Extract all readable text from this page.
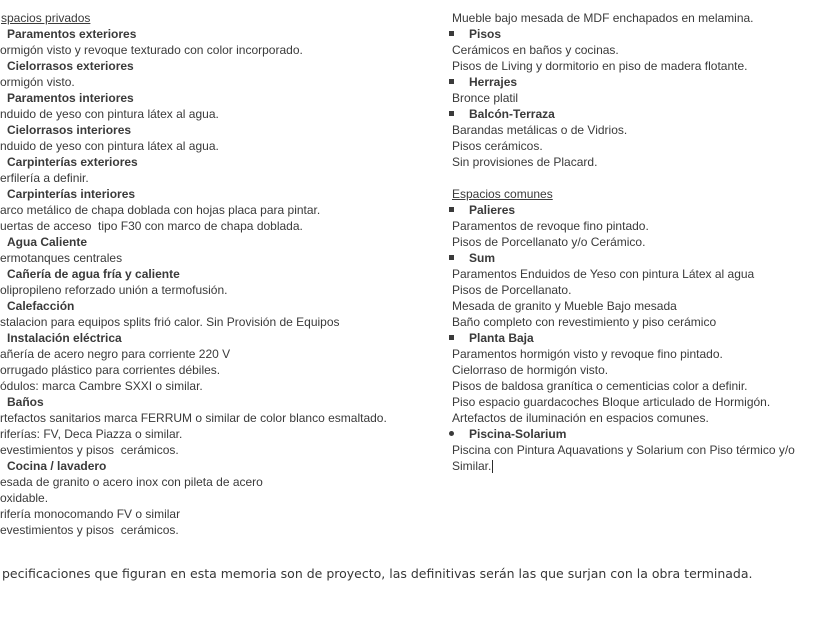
spacios privados
Paramentos exteriores
ormigón visto y revoque texturado con color incorporado.
Cielorrasos exteriores
ormigón visto.
Paramentos interiores
nduido de yeso con pintura látex al agua.
Cielorrasos interiores
nduido de yeso con pintura látex al agua.
Carpinterías exteriores
erfilería a definir.
Carpinterías interiores
arco metálico de chapa doblada con hojas placa para pintar.
uertas de acceso  tipo F30 con marco de chapa doblada.
Agua Caliente
ermotanques centrales
Cañería de agua fría y caliente
olipropileno reforzado unión a termofusión.
Calefacción
stalacion para equipos splits frió calor. Sin Provisión de Equipos
Instalación eléctrica
añería de acero negro para corriente 220 V
orrugado plástico para corrientes débiles.
ódulos: marca Cambre SXXI o similar.
Baños
rtefactos sanitarios marca FERRUM o similar de color blanco esmaltado.
riferías: FV, Deca Piazza o similar.
evestimientos y pisos  cerámicos.
Cocina / lavadero
esada de granito o acero inox con pileta de acero
oxidable.
rifería monocomando FV o similar
evestimientos y pisos  cerámicos.
Mueble bajo mesada de MDF enchapados en melamina.
Pisos
Cerámicos en baños y cocinas.
Pisos de Living y dormitorio en piso de madera flotante.
Herrajes
Bronce platil
Balcón-Terraza
Barandas metálicas o de Vidrios.
Pisos cerámicos.
Sin provisiones de Placard.
Espacios comunes
Palieres
Paramentos de revoque fino pintado.
Pisos de Porcellanato y/o Cerámico.
Sum
Paramentos Enduidos de Yeso con pintura Látex al agua
Pisos de Porcellanato.
Mesada de granito y Mueble Bajo mesada
Baño completo con revestimiento y piso cerámico
Planta Baja
Paramentos hormigón visto y revoque fino pintado.
Cielorraso de hormigón visto.
Pisos de baldosa granítica o cementicias color a definir.
Piso espacio guardacoches Bloque articulado de Hormigón.
Artefactos de iluminación en espacios comunes.
Piscina-Solarium
Piscina con Pintura Aquavations y Solarium con Piso térmico y/o
Similar.
pecificaciones que figuran en esta memoria son de proyecto, las definitivas serán las que surjan con la obra terminada.
